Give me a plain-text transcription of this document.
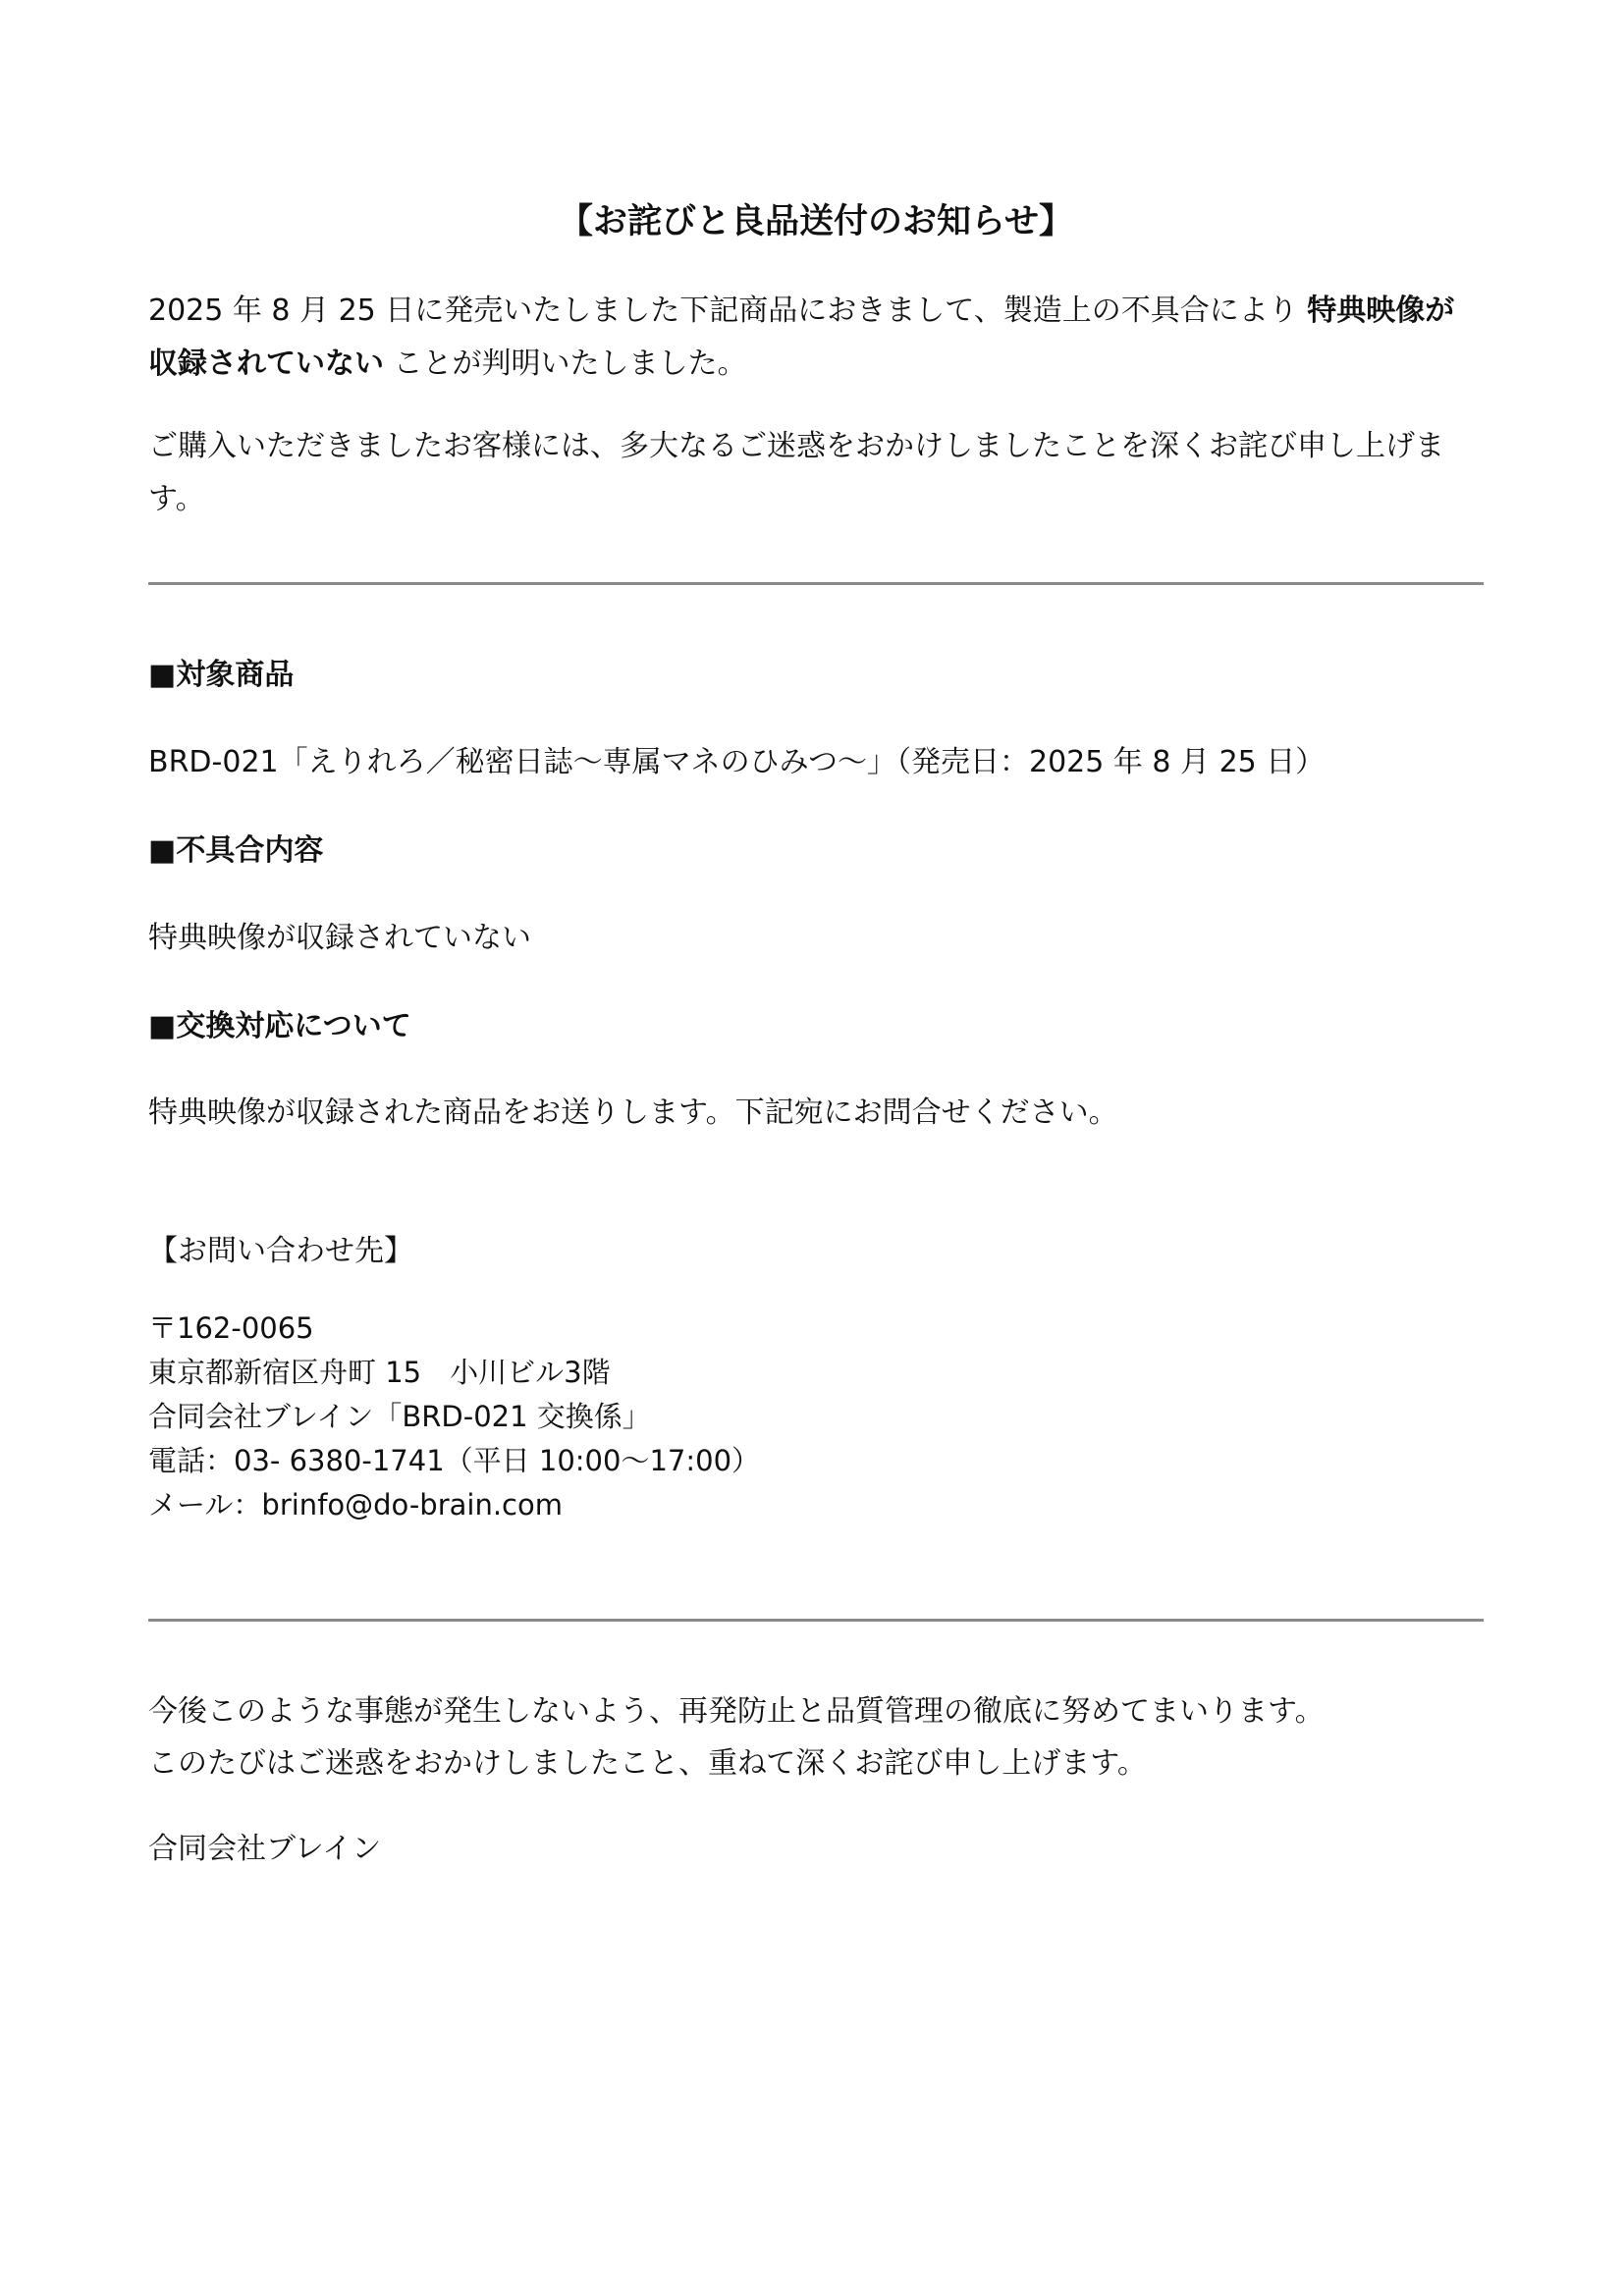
【お詫びと良品送付のお知らせ】

2025 年 8 月 25 日に発売いたしました下記商品におきまして、製造上の不具合により 特典映像が収録されていない ことが判明いたしました。

ご購入いただきましたお客様には、多大なるご迷惑をおかけしましたことを深くお詫び申し上げます。

■対象商品

BRD-021「えりれろ／秘密日誌～専属マネのひみつ～」（発売日：2025 年 8 月 25 日）

■不具合内容

特典映像が収録されていない

■交換対応について

特典映像が収録された商品をお送りします。下記宛にお問合せください。

【お問い合わせ先】

〒162-0065
東京都新宿区舟町 15　小川ビル3階
合同会社ブレイン「BRD-021 交換係」
電話：03- 6380-1741（平日 10:00～17:00）
メール：brinfo@do-brain.com

今後このような事態が発生しないよう、再発防止と品質管理の徹底に努めてまいります。

このたびはご迷惑をおかけしましたこと、重ねて深くお詫び申し上げます。

合同会社ブレイン
